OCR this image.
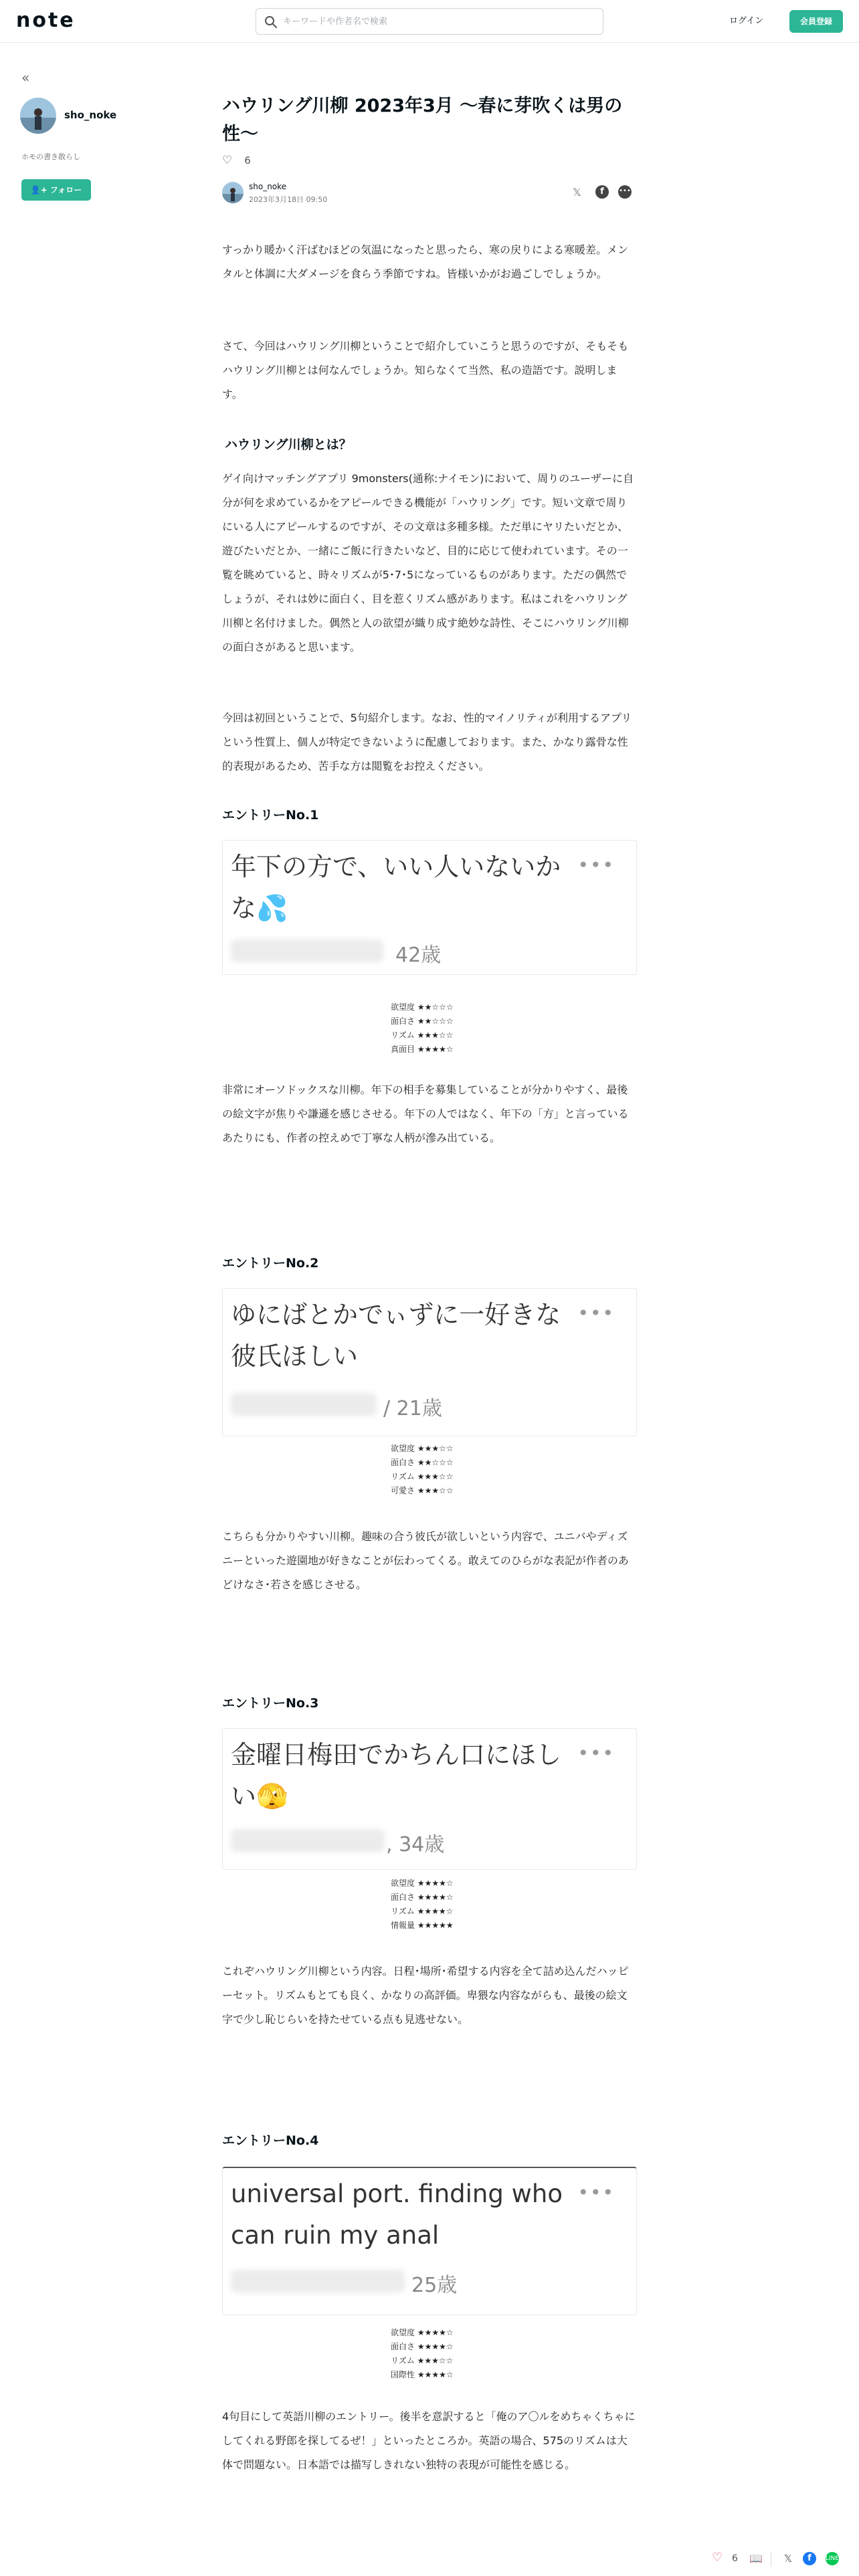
note
キーワードや作者名で検索	ログイン	会員登録
«
sho_noke
ホモの書き散らし
👤+ フォロー
ハウリング川柳 2023年3月 〜春に芽吹くは男の性〜
♡ 6
sho_noke
2023年3月18日 09:50
𝕏	f	•••

すっかり暖かく汗ばむほどの気温になったと思ったら、寒の戻りによる寒暖差。メンタルと体調に大ダメージを食らう季節ですね。皆様いかがお過ごしでしょうか。

さて、今回はハウリング川柳ということで紹介していこうと思うのですが、そもそもハウリング川柳とは何なんでしょうか。知らなくて当然、私の造語です。説明します。

ハウリング川柳とは？

ゲイ向けマッチングアプリ 9monsters(通称:ナイモン)において、周りのユーザーに自分が何を求めているかをアピールできる機能が「ハウリング」です。短い文章で周りにいる人にアピールするのですが、その文章は多種多様。ただ単にヤリたいだとか、遊びたいだとか、一緒にご飯に行きたいなど、目的に応じて使われています。その一覧を眺めていると、時々リズムが5･7･5になっているものがあります。ただの偶然でしょうが、それは妙に面白く、目を惹くリズム感があります。私はこれをハウリング川柳と名付けました。偶然と人の欲望が織り成す絶妙な詩性、そこにハウリング川柳の面白さがあると思います。

今回は初回ということで、5句紹介します。なお、性的マイノリティが利用するアプリという性質上、個人が特定できないように配慮しております。また、かなり露骨な性的表現があるため、苦手な方は閲覧をお控えください。

エントリーNo.1
年下の方で、いい人いないかな💦
•••
42歳
欲望度 ★★☆☆☆
面白さ ★★☆☆☆
リズム ★★★☆☆
真面目 ★★★★☆

非常にオーソドックスな川柳。年下の相手を募集していることが分かりやすく、最後の絵文字が焦りや謙遜を感じさせる。年下の人ではなく、年下の「方」と言っているあたりにも、作者の控えめで丁寧な人柄が滲み出ている。

エントリーNo.2
ゆにばとかでぃずに一好きな彼氏ほしい
•••
/ 21歳
欲望度 ★★★☆☆
面白さ ★★☆☆☆
リズム ★★★☆☆
可愛さ ★★★☆☆

こちらも分かりやすい川柳。趣味の合う彼氏が欲しいという内容で、ユニバやディズニーといった遊園地が好きなことが伝わってくる。敢えてのひらがな表記が作者のあどけなさ･若さを感じさせる。

エントリーNo.3
金曜日梅田でかちん口にほしい🫣
•••
, 34歳
欲望度 ★★★★☆
面白さ ★★★★☆
リズム ★★★★☆
情報量 ★★★★★

これぞハウリング川柳という内容。日程･場所･希望する内容を全て詰め込んだハッピーセット。リズムもとても良く、かなりの高評価。卑猥な内容ながらも、最後の絵文字で少し恥じらいを持たせている点も見逃せない。

エントリーNo.4
universal port. finding who can ruin my anal
•••
25歳
欲望度 ★★★★☆
面白さ ★★★★☆
リズム ★★★☆☆
国際性 ★★★★☆

4句目にして英語川柳のエントリー。後半を意訳すると「俺のア〇ルをめちゃくちゃにしてくれる野郎を探してるぜ！」といったところか。英語の場合、575のリズムは大体で問題ない。日本語では描写しきれない独特の表現が可能性を感じる。

♡ 6 📖 𝕏	f	LINE
